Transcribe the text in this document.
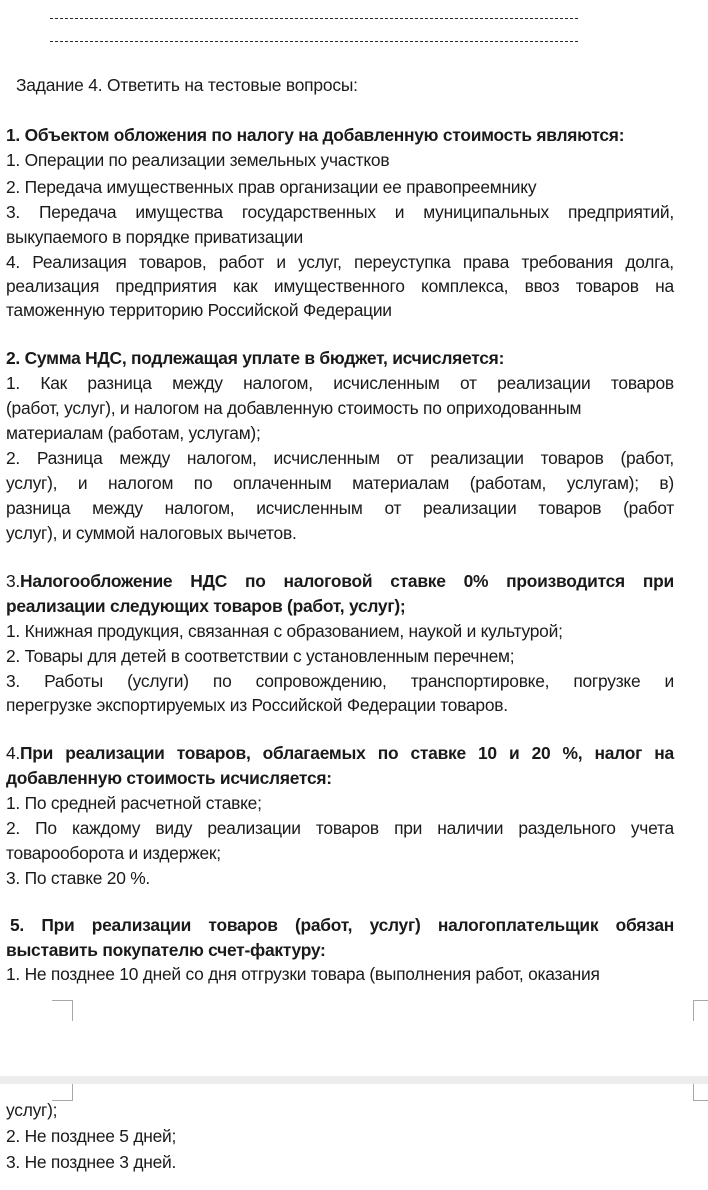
Задание 4. Ответить на тестовые вопросы:
1. Объектом обложения по налогу на добавленную стоимость являются:
1. Операции по реализации земельных участков
2. Передача имущественных прав организации ее правопреемнику
3. Передача имущества государственных и муниципальных предприятий,
выкупаемого в порядке приватизации
4. Реализация товаров, работ и услуг, переуступка права требования долга,
реализация предприятия как имущественного комплекса, ввоз товаров на
таможенную территорию Российской Федерации
2. Сумма НДС, подлежащая уплате в бюджет, исчисляется:
1. Как разница между налогом, исчисленным от реализации товаров
(работ, услуг), и налогом на добавленную стоимость по оприходованным
материалам (работам, услугам);
2. Разница между налогом, исчисленным от реализации товаров (работ,
услуг), и налогом по оплаченным материалам (работам, услугам); в)
разница между налогом, исчисленным от реализации товаров (работ
услуг), и суммой налоговых вычетов.
3.Налогообложение НДС по налоговой ставке 0% производится при
реализации следующих товаров (работ, услуг);
1. Книжная продукция, связанная с образованием, наукой и культурой;
2. Товары для детей в соответствии с установленным перечнем;
3. Работы (услуги) по сопровождению, транспортировке, погрузке и
перегрузке экспортируемых из Российской Федерации товаров.
4.При реализации товаров, облагаемых по ставке 10 и 20 %, налог на
добавленную стоимость исчисляется:
1. По средней расчетной ставке;
2. По каждому виду реализации товаров при наличии раздельного учета
товарооборота и издержек;
3. По ставке 20 %.
5. При реализации товаров (работ, услуг) налогоплательщик обязан
выставить покупателю счет-фактуру:
1. Не позднее 10 дней со дня отгрузки товара (выполнения работ, оказания
услуг);
2. Не позднее 5 дней;
3. Не позднее 3 дней.
